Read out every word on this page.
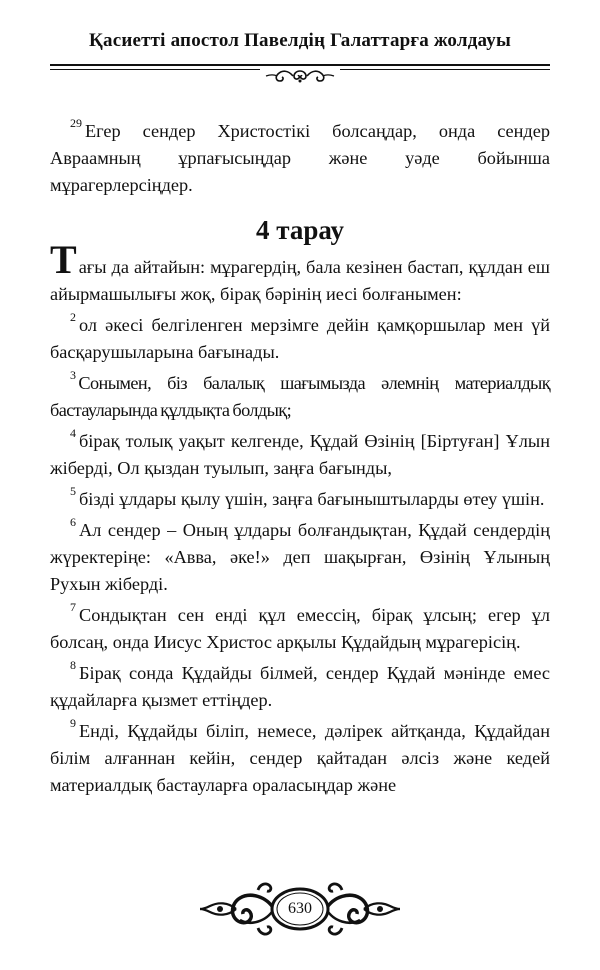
Қасиетті апостол Павелдің Галаттарға жолдауы

$^{29}$ Егер сендер Христостікі болсаңдар, онда сендер Авраамның ұрпағысыңдар және уәде бойынша мұрагерлерсіңдер.

4 тарау

Тағы да айтайын: мұрагердің, бала кезінен бастап, құлдан еш айырмашылығы жоқ, бірақ бәрінің иесі болғанымен:

$^2$ ол әкесі белгіленген мерзімге дейін қамқоршылар мен үй басқарушыларына бағынады.

$^3$ Сонымен, біз балалық шағымызда әлемнің материалдық бастауларында құлдықта болдық;

$^4$ бірақ толық уақыт келгенде, Құдай Өзінің [Біртуған] Ұлын жіберді, Ол қыздан туылып, заңға бағынды,

$^5$ бізді ұлдары қылу үшін, заңға бағыныштыларды өтеу үшін.

$^6$ Ал сендер – Оның ұлдары болғандықтан, Құдай сендердің жүректеріңе: «Авва, әке!» деп шақырған, Өзінің Ұлының Рухын жіберді.

$^7$ Сондықтан сен енді құл емессің, бірақ ұлсың; егер ұл болсаң, онда Иисус Христос арқылы Құдайдың мұрагерісің.

$^8$ Бірақ сонда Құдайды білмей, сендер Құдай мәнінде емес құдайларға қызмет еттіңдер.

$^9$ Енді, Құдайды біліп, немесе, дәлірек айтқанда, Құдайдан білім алғаннан кейін, сендер қайтадан әлсіз және кедей материалдық бастауларға ораласыңдар және

630
